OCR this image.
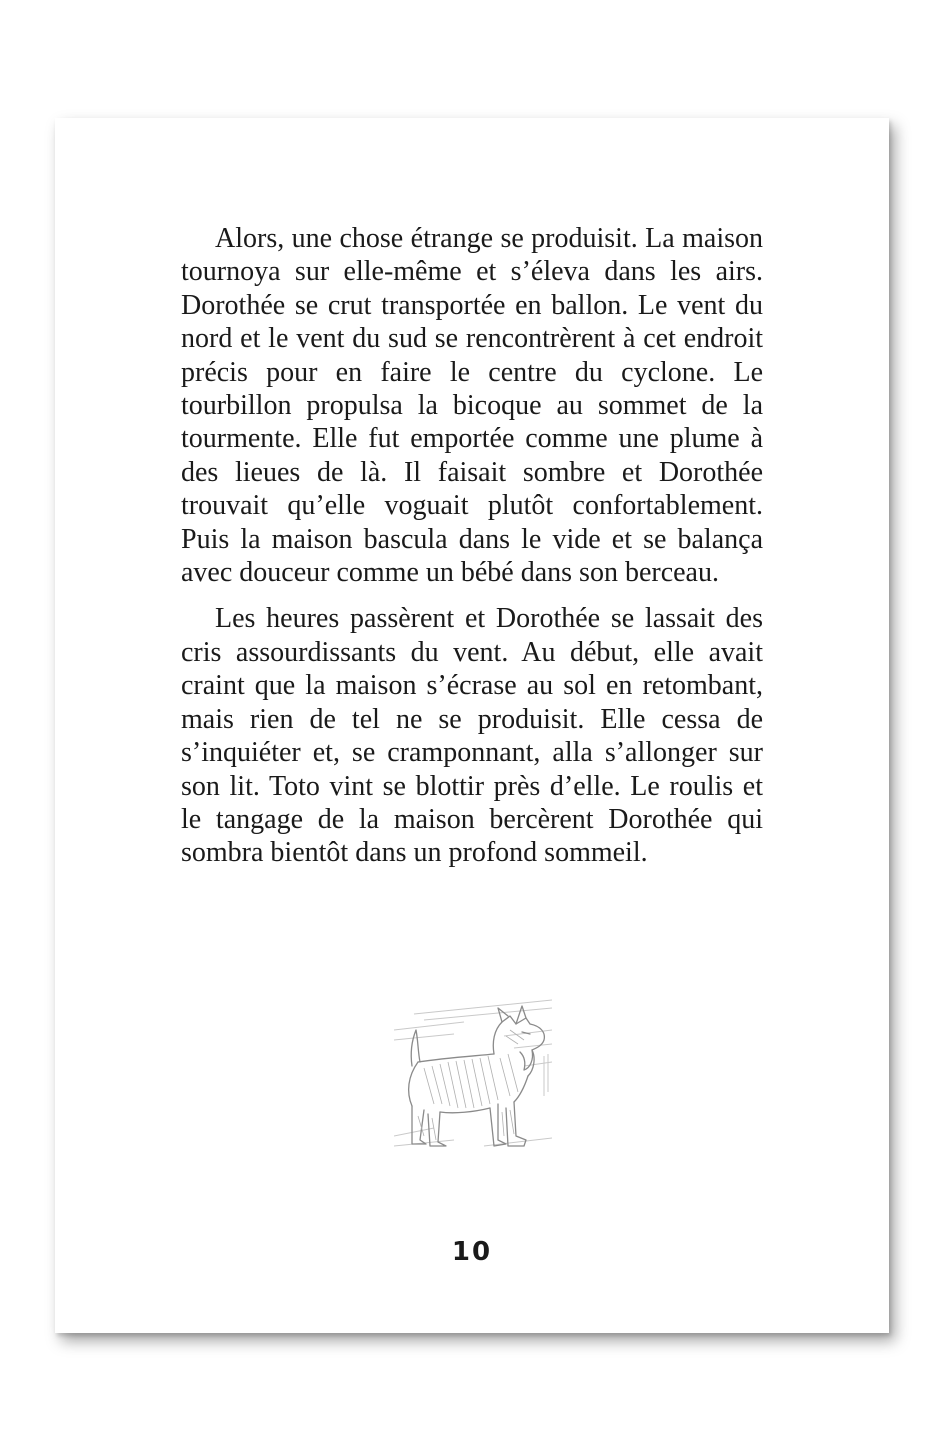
Alors, une chose étrange se produisit. La maison tournoya sur elle-même et s’éleva dans les airs. Dorothée se crut transportée en ballon. Le vent du nord et le vent du sud se rencontrèrent à cet endroit précis pour en faire le centre du cyclone. Le tourbillon propulsa la bicoque au sommet de la tourmente. Elle fut emportée comme une plume à des lieues de là. Il faisait sombre et Dorothée trouvait qu’elle voguait plutôt confortablement. Puis la maison bascula dans le vide et se balança avec douceur comme un bébé dans son berceau.

Les heures passèrent et Dorothée se lassait des cris assourdissants du vent. Au début, elle avait craint que la maison s’écrase au sol en retombant, mais rien de tel ne se produisit. Elle cessa de s’inquiéter et, se cramponnant, alla s’allonger sur son lit. Toto vint se blottir près d’elle. Le roulis et le tangage de la maison bercèrent Dorothée qui sombra bientôt dans un profond sommeil.

10
